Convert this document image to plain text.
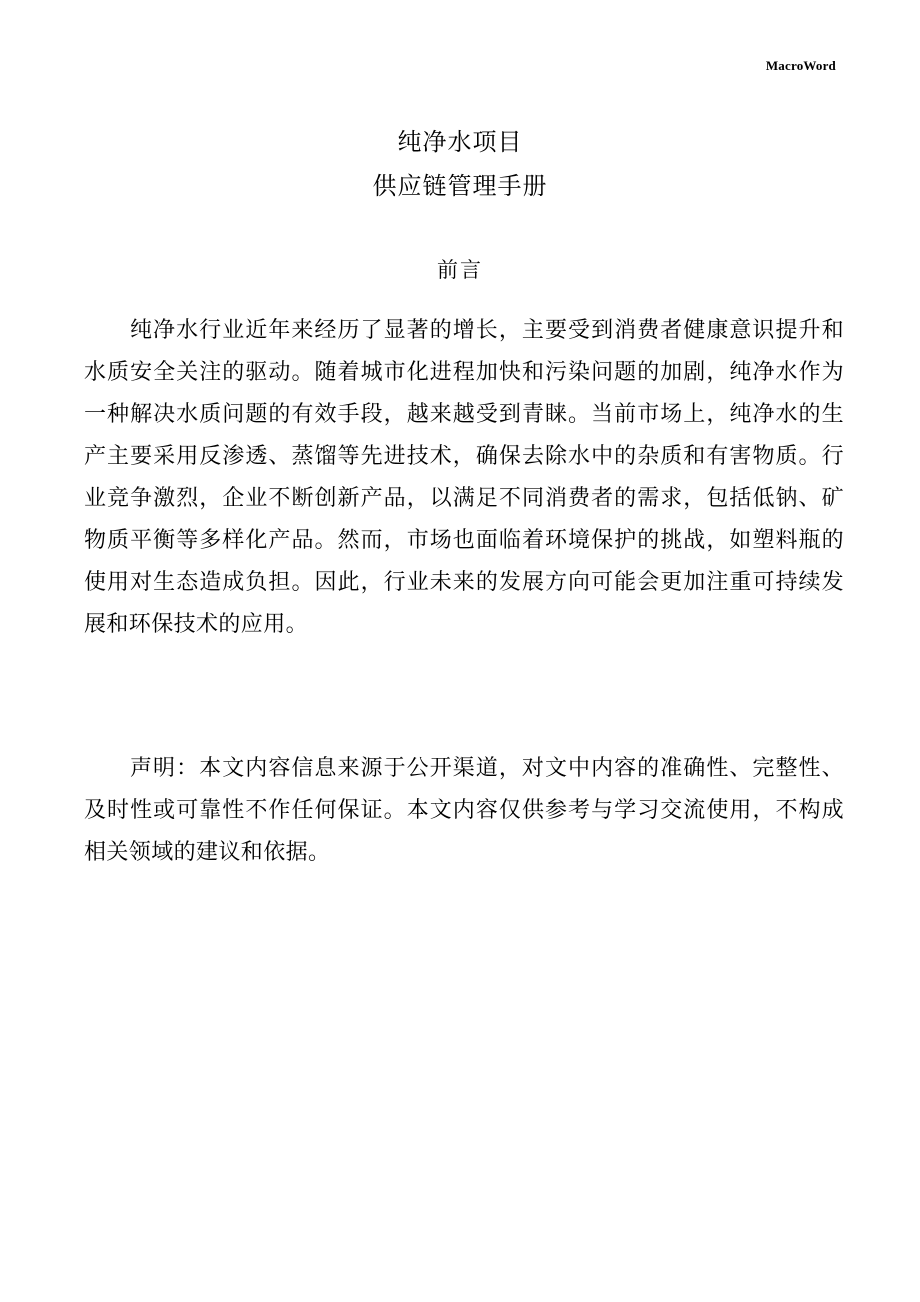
MacroWord
纯净水项目
供应链管理手册
前言

纯净水行业近年来经历了显著的增长，主要受到消费者健康意识提升和水质安全关注的驱动。随着城市化进程加快和污染问题的加剧，纯净水作为一种解决水质问题的有效手段，越来越受到青睐。当前市场上，纯净水的生产主要采用反渗透、蒸馏等先进技术，确保去除水中的杂质和有害物质。行业竞争激烈，企业不断创新产品，以满足不同消费者的需求，包括低钠、矿物质平衡等多样化产品。然而，市场也面临着环境保护的挑战，如塑料瓶的使用对生态造成负担。因此，行业未来的发展方向可能会更加注重可持续发展和环保技术的应用。

声明：本文内容信息来源于公开渠道，对文中内容的准确性、完整性、及时性或可靠性不作任何保证。本文内容仅供参考与学习交流使用，不构成相关领域的建议和依据。
